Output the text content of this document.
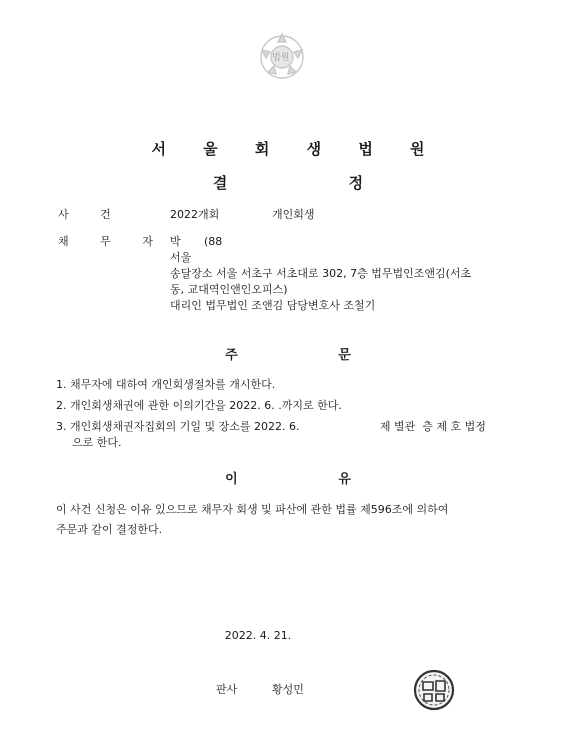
법원
서 울 회 생 법 원
결 정
사 건	2022개회	개인회생
채 무 자 박 (88
서울
송달장소 서울 서초구 서초대로 302, 7층 법무법인조앤김(서초
동, 교대역인앤인오피스)
대리인 법무법인 조앤김 담당변호사 조철기
주 문
1. 채무자에 대하여 개인회생절차를 개시한다.
2. 개인회생채권에 관한 이의기간을 2022. 6. .까지로 한다.
3. 개인회생채권자집회의 기일 및 장소를 2022. 6.                       제 별관  층 제 호 법정
으로 한다.
이 유
이 사건 신청은 이유 있으므로 채무자 회생 및 파산에 관한 법률 제596조에 의하여
주문과 같이 결정한다.
2022. 4. 21.
판사	황성민
